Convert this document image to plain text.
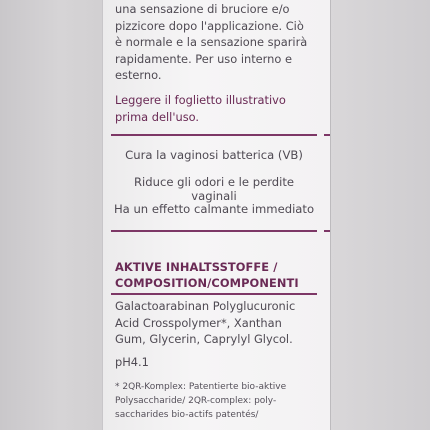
una sensazione di bruciore e/o
pizzicore dopo l'applicazione. Ciò
è normale e la sensazione sparirà
rapidamente. Per uso interno e
esterno.
Leggere il foglietto illustrativo
prima dell'uso.
Cura la vaginosi batterica (VB)
Riduce gli odori e le perdite vaginali
Ha un effetto calmante immediato
AKTIVE INHALTSSTOFFE /
COMPOSITION/COMPONENTI
Galactoarabinan Polyglucuronic
Acid Crosspolymer*, Xanthan
Gum, Glycerin, Caprylyl Glycol.
pH4.1
* 2QR-Komplex: Patentierte bio-aktive
Polysaccharide/ 2QR-complex: poly-
saccharides bio-actifs patentés/
